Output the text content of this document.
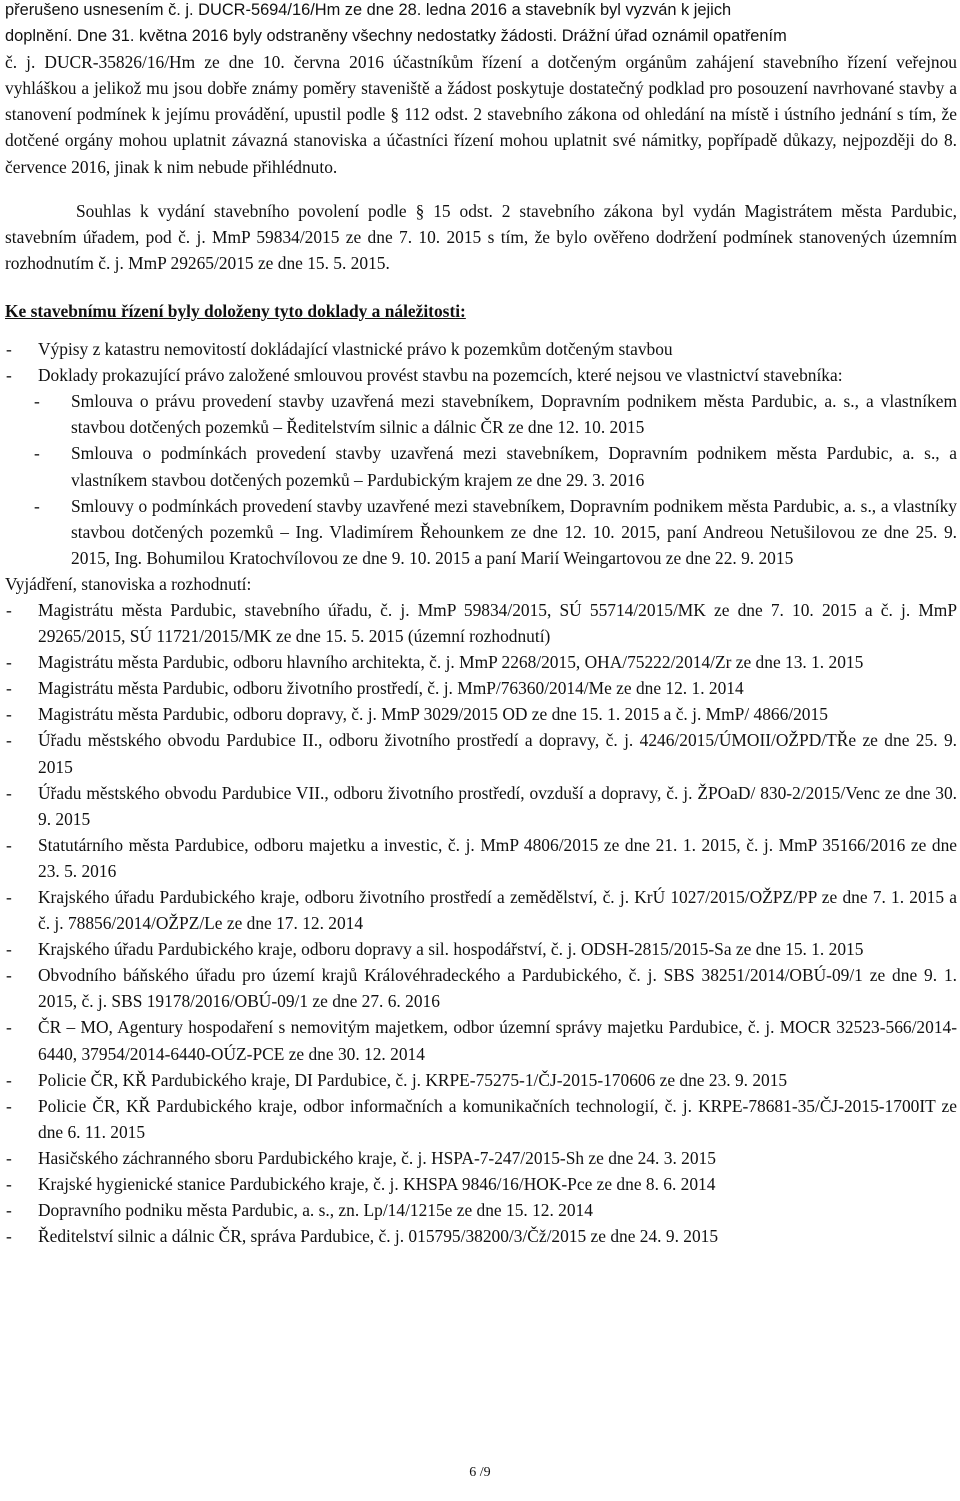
přerušeno usnesením č. j. DUCR-5694/16/Hm ze dne 28. ledna 2016 a stavebník byl vyzván k jejich
doplnění. Dne 31. května 2016 byly odstraněny všechny nedostatky žádosti. Drážní úřad oznámil opatřením

č. j. DUCR-35826/16/Hm ze dne 10. června 2016 účastníkům řízení a dotčeným orgánům zahájení stavebního řízení veřejnou vyhláškou a jelikož mu jsou dobře známy poměry staveniště a žádost poskytuje dostatečný podklad pro posouzení navrhované stavby a stanovení podmínek k jejímu provádění, upustil podle § 112 odst. 2 stavebního zákona od ohledání na místě i ústního jednání s tím, že dotčené orgány mohou uplatnit závazná stanoviska a účastníci řízení mohou uplatnit své námitky, popřípadě důkazy, nejpozději do 8. července 2016, jinak k nim nebude přihlédnuto.

Souhlas k vydání stavebního povolení podle § 15 odst. 2 stavebního zákona byl vydán Magistrátem města Pardubic, stavebním úřadem, pod č. j. MmP 59834/2015 ze dne 7. 10. 2015 s tím, že bylo ověřeno dodržení podmínek stanovených územním rozhodnutím č. j. MmP 29265/2015 ze dne 15. 5. 2015.

Ke stavebnímu řízení byly doloženy tyto doklady a náležitosti:

- Výpisy z katastru nemovitostí dokládající vlastnické právo k pozemkům dotčeným stavbou
- Doklady prokazující právo založené smlouvou provést stavbu na pozemcích, které nejsou ve vlastnictví stavebníka:
- Smlouva o právu provedení stavby uzavřená mezi stavebníkem, Dopravním podnikem města Pardubic, a. s., a vlastníkem stavbou dotčených pozemků – Ředitelstvím silnic a dálnic ČR ze dne 12. 10. 2015
- Smlouva o podmínkách provedení stavby uzavřená mezi stavebníkem, Dopravním podnikem města Pardubic, a. s., a vlastníkem stavbou dotčených pozemků – Pardubickým krajem ze dne 29. 3. 2016
- Smlouvy o podmínkách provedení stavby uzavřené mezi stavebníkem, Dopravním podnikem města Pardubic, a. s., a vlastníky stavbou dotčených pozemků – Ing. Vladimírem Řehounkem ze dne 12. 10. 2015, paní Andreou Netušilovou ze dne 25. 9. 2015, Ing. Bohumilou Kratochvílovou ze dne 9. 10. 2015 a paní Marií Weingartovou ze dne 22. 9. 2015

Vyjádření, stanoviska a rozhodnutí:

- Magistrátu města Pardubic, stavebního úřadu, č. j. MmP 59834/2015, SÚ 55714/2015/MK ze dne 7. 10. 2015 a č. j. MmP 29265/2015, SÚ 11721/2015/MK ze dne 15. 5. 2015 (územní rozhodnutí)
- Magistrátu města Pardubic, odboru hlavního architekta, č. j. MmP 2268/2015, OHA/75222/2014/Zr ze dne 13. 1. 2015
- Magistrátu města Pardubic, odboru životního prostředí, č. j. MmP/76360/2014/Me ze dne 12. 1. 2014
- Magistrátu města Pardubic, odboru dopravy, č. j. MmP 3029/2015 OD ze dne 15. 1. 2015 a č. j. MmP/ 4866/2015
- Úřadu městského obvodu Pardubice II., odboru životního prostředí a dopravy, č. j. 4246/2015/ÚMOII/OŽPD/TŘe ze dne 25. 9. 2015
- Úřadu městského obvodu Pardubice VII., odboru životního prostředí, ovzduší a dopravy, č. j. ŽPOaD/ 830-2/2015/Venc ze dne 30. 9. 2015
- Statutárního města Pardubice, odboru majetku a investic, č. j. MmP 4806/2015 ze dne 21. 1. 2015, č. j. MmP 35166/2016 ze dne 23. 5. 2016
- Krajského úřadu Pardubického kraje, odboru životního prostředí a zemědělství, č. j. KrÚ 1027/2015/OŽPZ/PP ze dne 7. 1. 2015 a č. j. 78856/2014/OŽPZ/Le ze dne 17. 12. 2014
- Krajského úřadu Pardubického kraje, odboru dopravy a sil. hospodářství, č. j. ODSH-2815/2015-Sa ze dne 15. 1. 2015
- Obvodního báňského úřadu pro území krajů Královéhradeckého a Pardubického, č. j. SBS 38251/2014/OBÚ-09/1 ze dne 9. 1. 2015, č. j. SBS 19178/2016/OBÚ-09/1 ze dne 27. 6. 2016
- ČR – MO, Agentury hospodaření s nemovitým majetkem, odbor územní správy majetku Pardubice, č. j. MOCR 32523-566/2014-6440, 37954/2014-6440-OÚZ-PCE ze dne 30. 12. 2014
- Policie ČR, KŘ Pardubického kraje, DI Pardubice, č. j. KRPE-75275-1/ČJ-2015-170606 ze dne 23. 9. 2015
- Policie ČR, KŘ Pardubického kraje, odbor informačních a komunikačních technologií, č. j. KRPE-78681-35/ČJ-2015-1700IT ze dne 6. 11. 2015
- Hasičského záchranného sboru Pardubického kraje, č. j. HSPA-7-247/2015-Sh ze dne 24. 3. 2015
- Krajské hygienické stanice Pardubického kraje, č. j. KHSPA 9846/16/HOK-Pce ze dne 8. 6. 2014
- Dopravního podniku města Pardubic, a. s., zn. Lp/14/1215e ze dne 15. 12. 2014
- Ředitelství silnic a dálnic ČR, správa Pardubice, č. j. 015795/38200/3/Čž/2015 ze dne 24. 9. 2015
6 /9
